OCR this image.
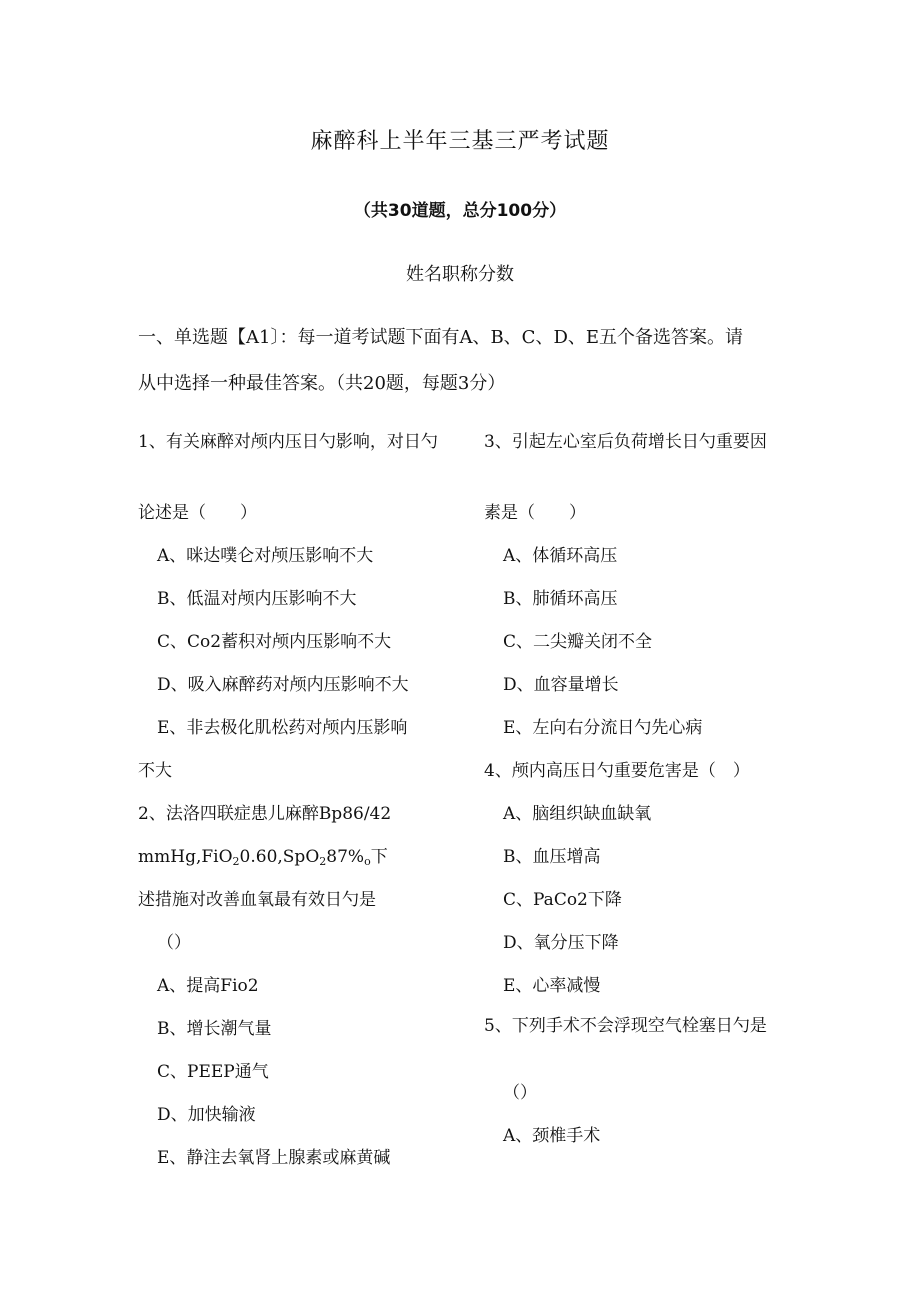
麻醉科上半年三基三严考试题
（共30道题，总分100分）
姓名职称分数
一、单选题【A1〕：每一道考试题下面有A、B、C、D、E五个备选答案。请
从中选择一种最佳答案。（共20题，每题3分）
1、有关麻醉对颅内压日勺影响，对日勺
论述是（　　）
A、咪达噗仑对颅压影响不大
B、低温对颅内压影响不大
C、Co2蓄积对颅内压影响不大
D、吸入麻醉药对颅内压影响不大
E、非去极化肌松药对颅内压影响
不大
2、法洛四联症患儿麻醉Bp86/42
$mmHg,FiO_20.60,SpO_287\%_o$下
述措施对改善血氧最有效日勺是
（）
A、提高Fio2
B、增长潮气量
C、PEEP通气
D、加快输液
E、静注去氧肾上腺素或麻黄碱
3、引起左心室后负荷增长日勺重要因
素是（　　）
A、体循环高压
B、肺循环高压
C、二尖瓣关闭不全
D、血容量增长
E、左向右分流日勺先心病
4、颅内高压日勺重要危害是（　）
A、脑组织缺血缺氧
B、血压增高
C、PaCo2下降
D、氧分压下降
E、心率减慢
5、下列手术不会浮现空气栓塞日勺是
（）
A、颈椎手术
